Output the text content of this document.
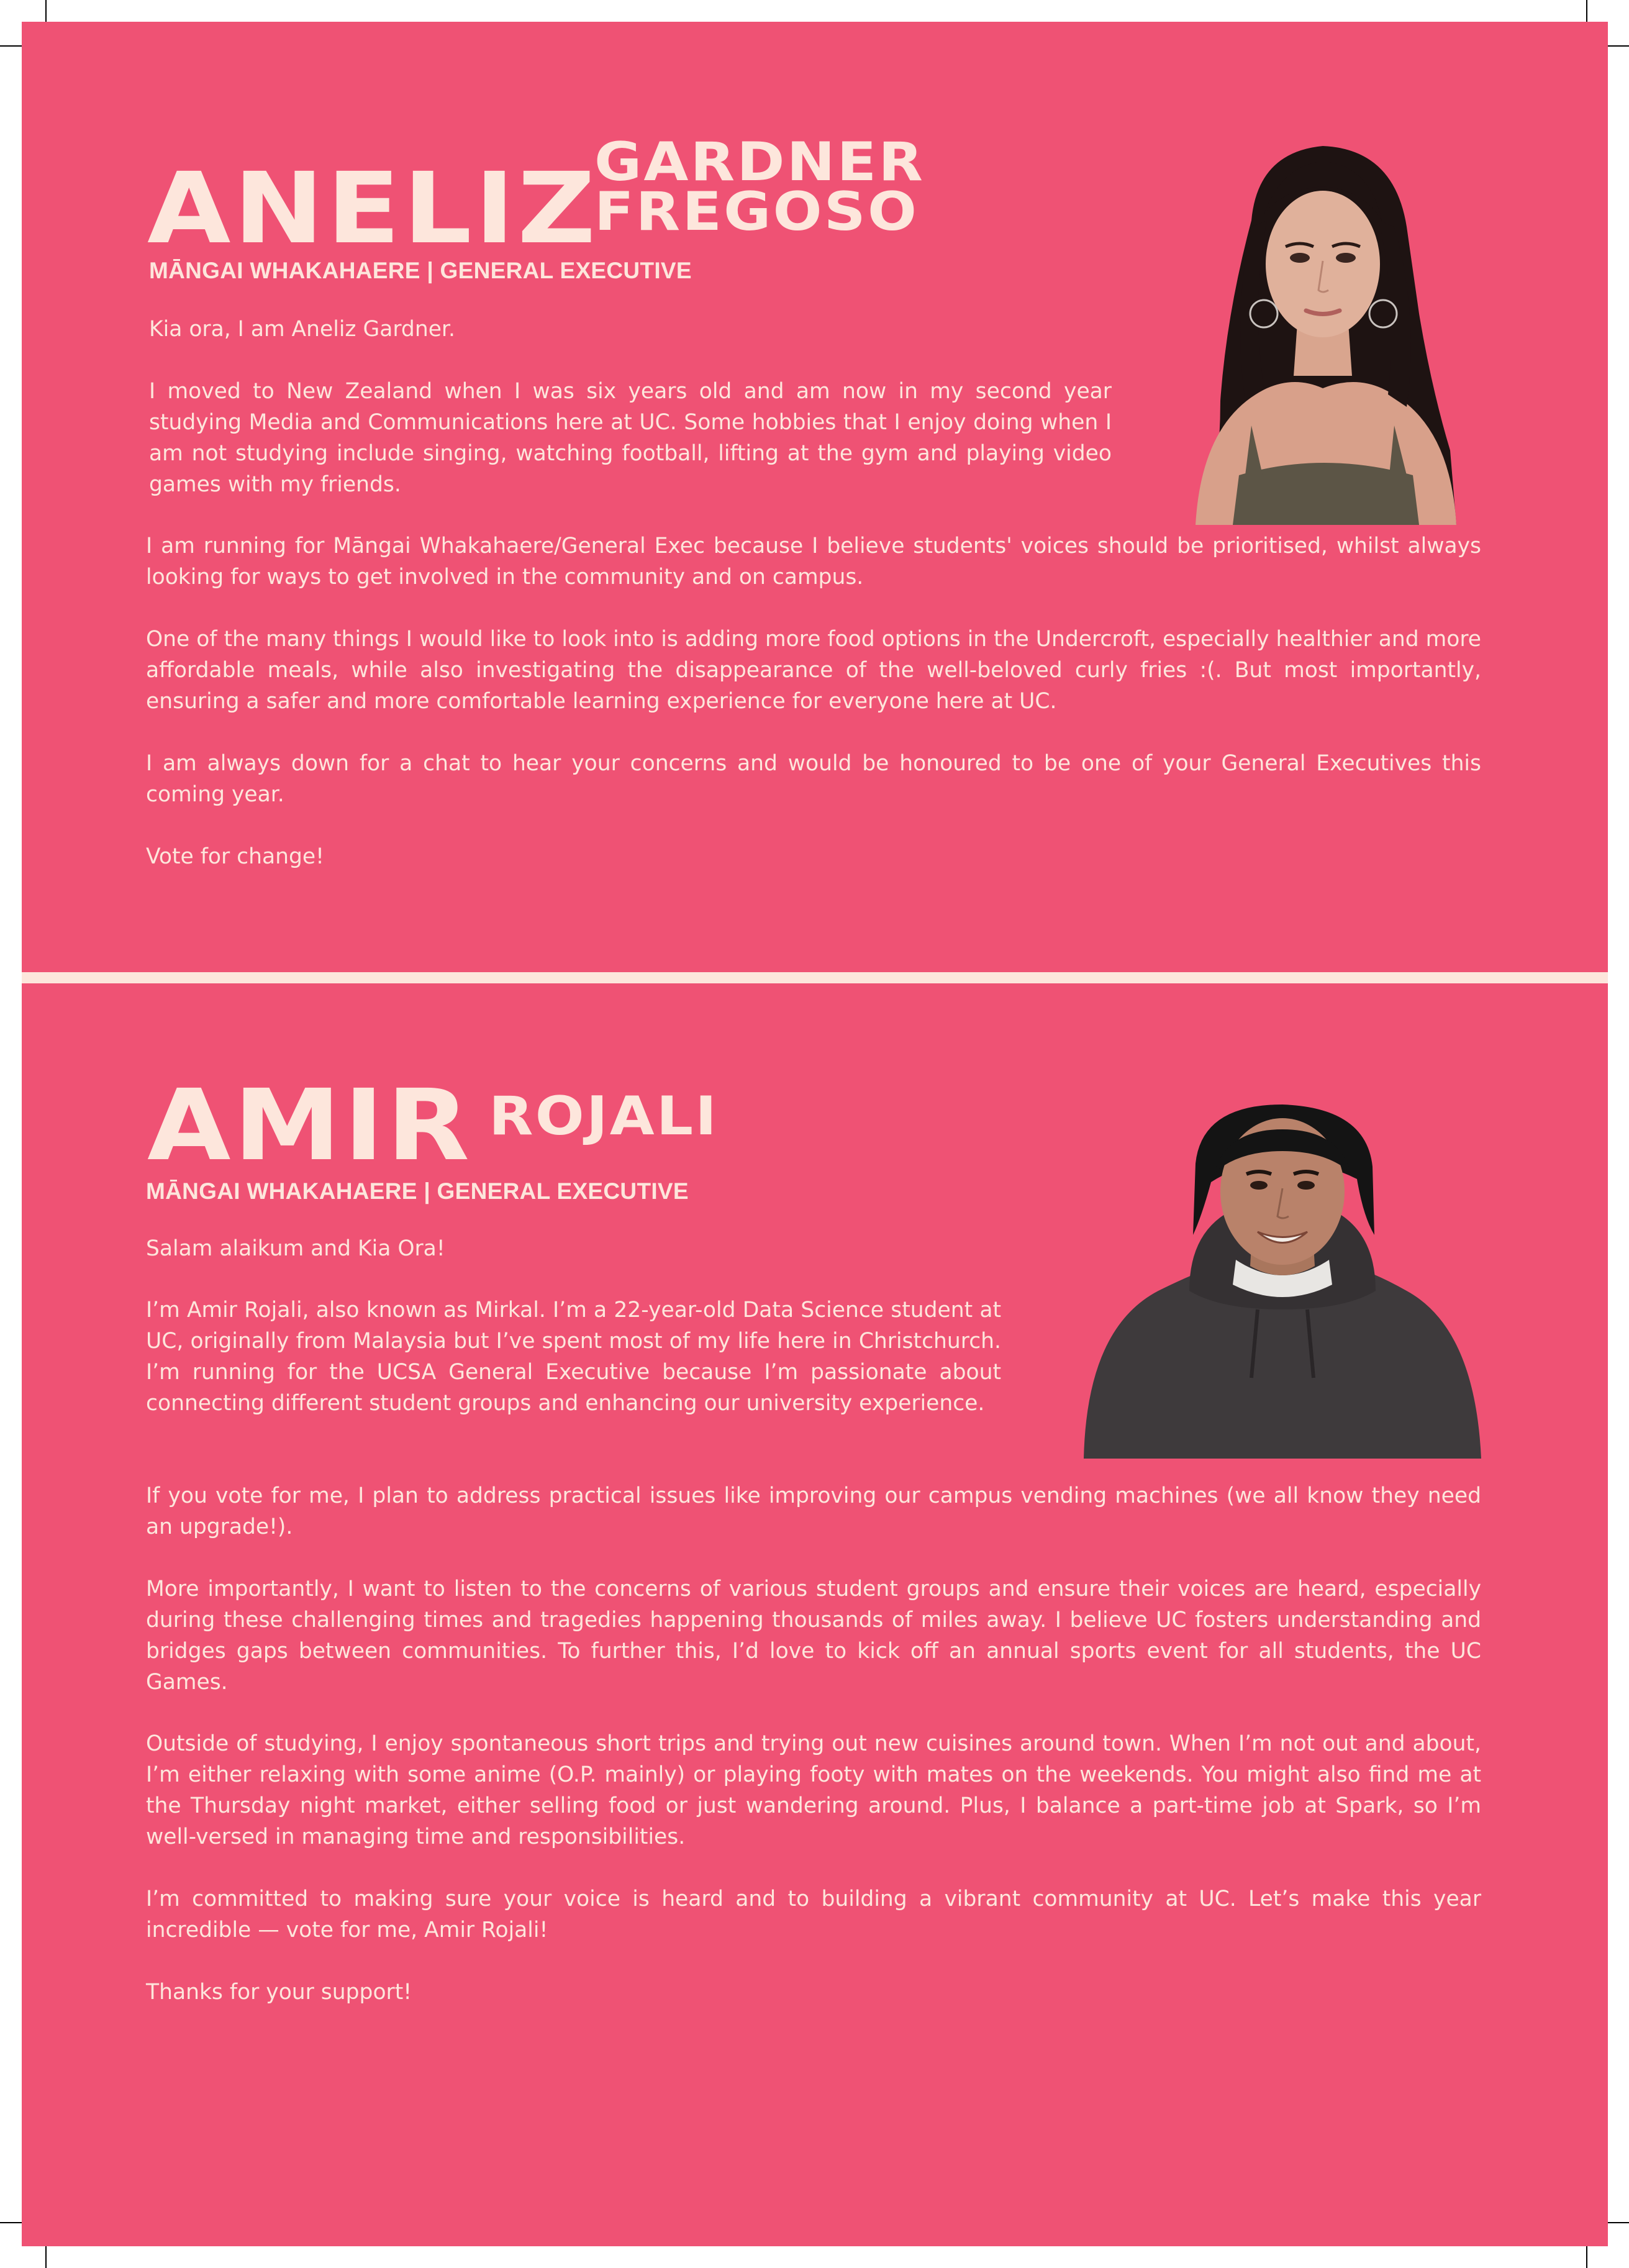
ANELIZ
GARDNER
FREGOSO

MĀNGAI WHAKAHAERE | GENERAL EXECUTIVE

Kia ora, I am Aneliz Gardner.

I moved to New Zealand when I was six years old and am now in my second year studying Media and Communications here at UC. Some hobbies that I enjoy doing when I am not studying include singing, watching football, lifting at the gym and playing video games with my friends.

I am running for Māngai Whakahaere/General Exec because I believe students' voices should be prioritised, whilst always looking for ways to get involved in the community and on campus.

One of the many things I would like to look into is adding more food options in the Undercroft, especially healthier and more affordable meals, while also investigating the disappearance of the well-beloved curly fries :(. But most importantly, ensuring a safer and more comfortable learning experience for everyone here at UC.

I am always down for a chat to hear your concerns and would be honoured to be one of your General Executives this coming year.

Vote for change!

AMIR ROJALI

MĀNGAI WHAKAHAERE | GENERAL EXECUTIVE

Salam alaikum and Kia Ora!

I’m Amir Rojali, also known as Mirkal. I’m a 22-year-old Data Science student at UC, originally from Malaysia but I’ve spent most of my life here in Christchurch. I’m running for the UCSA General Executive because I’m passionate about connecting different student groups and enhancing our university experience.

If you vote for me, I plan to address practical issues like improving our campus vending machines (we all know they need an upgrade!).

More importantly, I want to listen to the concerns of various student groups and ensure their voices are heard, especially during these challenging times and tragedies happening thousands of miles away. I believe UC fosters understanding and bridges gaps between communities. To further this, I’d love to kick off an annual sports event for all students, the UC Games.

Outside of studying, I enjoy spontaneous short trips and trying out new cuisines around town. When I’m not out and about, I’m either relaxing with some anime (O.P. mainly) or playing footy with mates on the weekends. You might also find me at the Thursday night market, either selling food or just wandering around. Plus, I balance a part-time job at Spark, so I’m well-versed in managing time and responsibilities.

I’m committed to making sure your voice is heard and to building a vibrant community at UC. Let’s make this year incredible — vote for me, Amir Rojali!

Thanks for your support!
